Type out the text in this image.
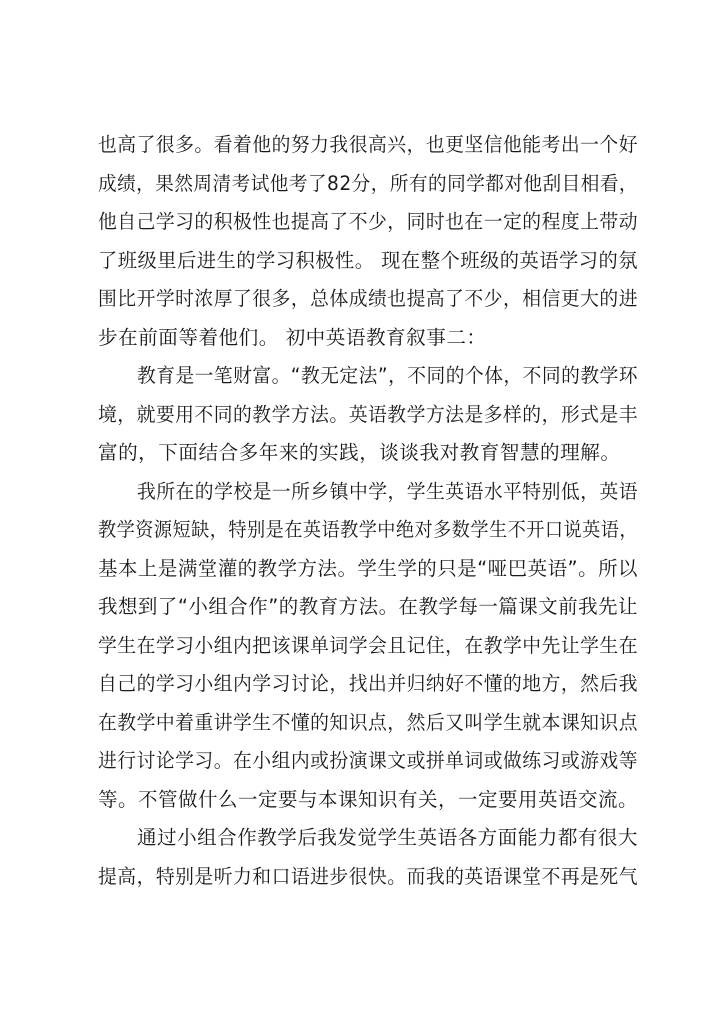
也高了很多。看着他的努力我很高兴，也更坚信他能考出一个好
成绩，果然周清考试他考了82分，所有的同学都对他刮目相看，
他自己学习的积极性也提高了不少，同时也在一定的程度上带动
了班级里后进生的学习积极性。 现在整个班级的英语学习的氛
围比开学时浓厚了很多，总体成绩也提高了不少，相信更大的进
步在前面等着他们。 初中英语教育叙事二：
教育是一笔财富。“教无定法”，不同的个体，不同的教学环
境，就要用不同的教学方法。英语教学方法是多样的，形式是丰
富的，下面结合多年来的实践，谈谈我对教育智慧的理解。
我所在的学校是一所乡镇中学，学生英语水平特别低，英语
教学资源短缺，特别是在英语教学中绝对多数学生不开口说英语，
基本上是满堂灌的教学方法。学生学的只是“哑巴英语”。所以
我想到了“小组合作”的教育方法。在教学每一篇课文前我先让
学生在学习小组内把该课单词学会且记住，在教学中先让学生在
自己的学习小组内学习讨论，找出并归纳好不懂的地方，然后我
在教学中着重讲学生不懂的知识点，然后又叫学生就本课知识点
进行讨论学习。在小组内或扮演课文或拼单词或做练习或游戏等
等。不管做什么一定要与本课知识有关，一定要用英语交流。
通过小组合作教学后我发觉学生英语各方面能力都有很大
提高，特别是听力和口语进步很快。而我的英语课堂不再是死气
